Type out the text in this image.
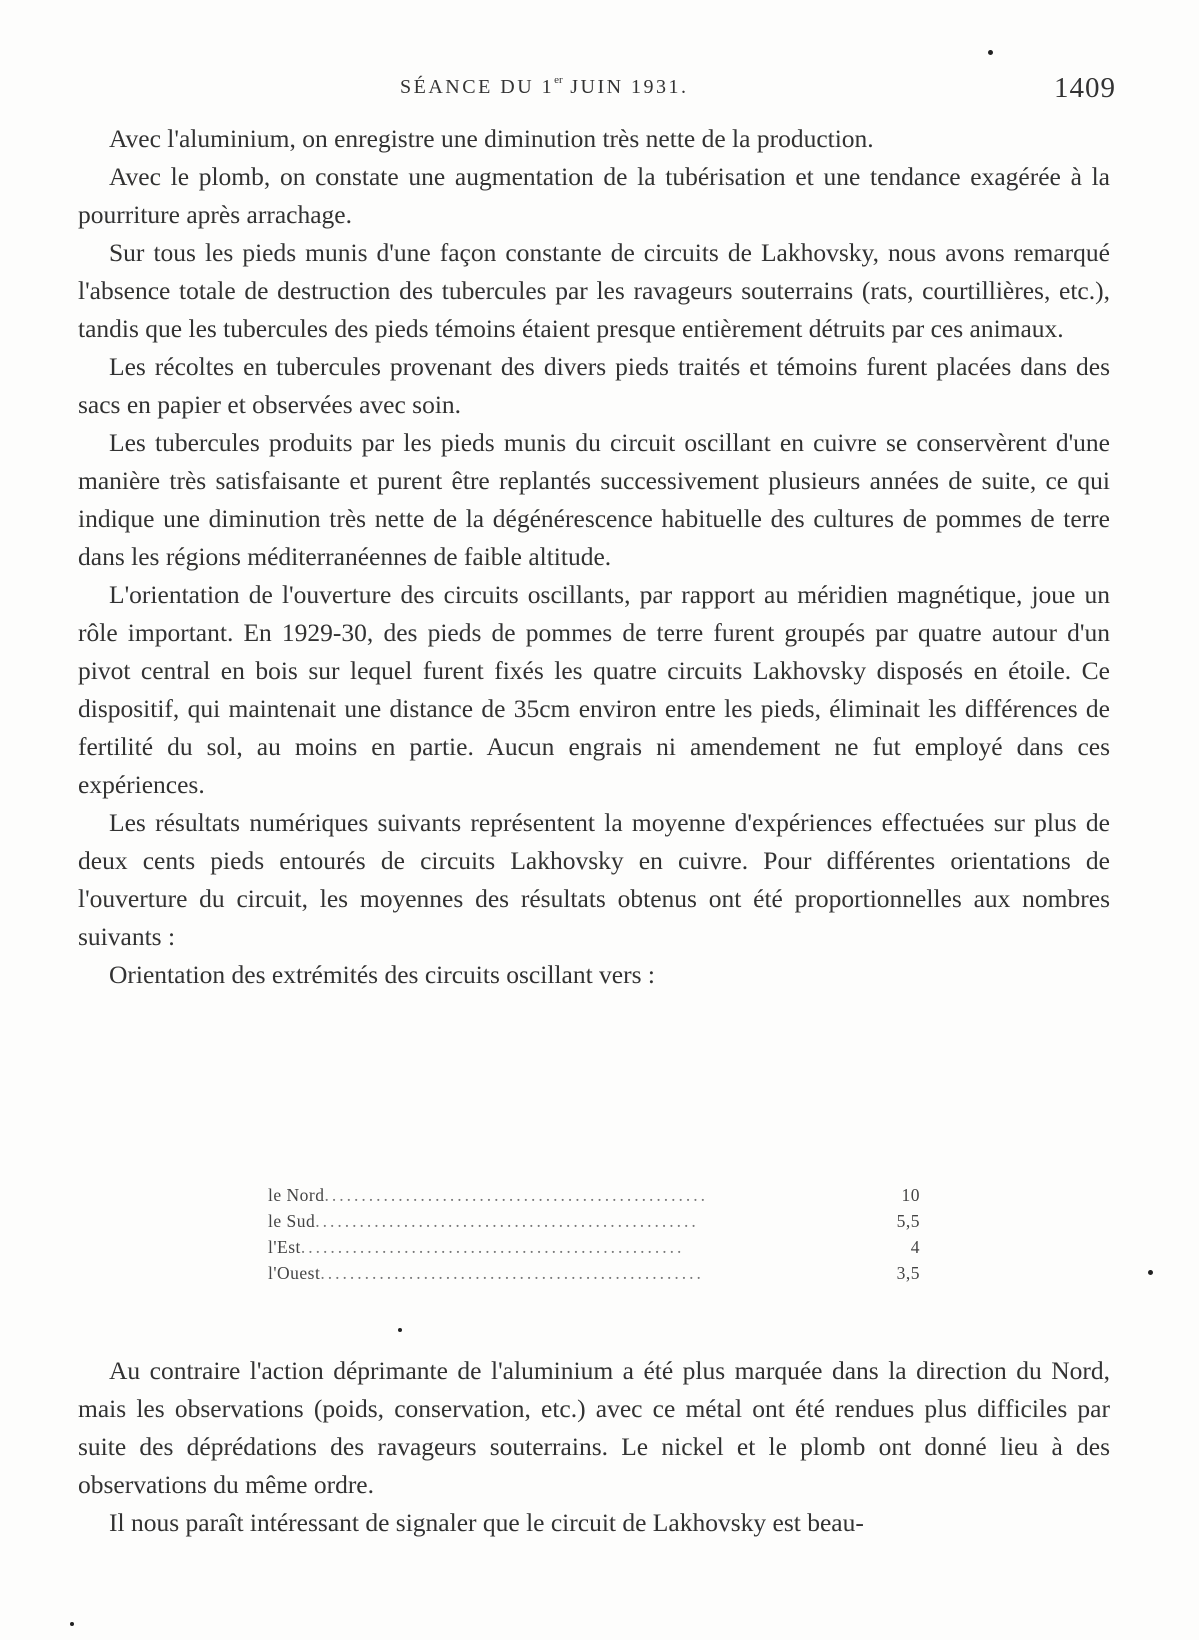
SÉANCE DU 1er JUIN 1931.	1409

Avec l'aluminium, on enregistre une diminution très nette de la production.

Avec le plomb, on constate une augmentation de la tubérisation et une tendance exagérée à la pourriture après arrachage.

Sur tous les pieds munis d'une façon constante de circuits de Lakhovsky, nous avons remarqué l'absence totale de destruction des tubercules par les ravageurs souterrains (rats, courtillières, etc.), tandis que les tubercules des pieds témoins étaient presque entièrement détruits par ces animaux.

Les récoltes en tubercules provenant des divers pieds traités et témoins furent placées dans des sacs en papier et observées avec soin.

Les tubercules produits par les pieds munis du circuit oscillant en cuivre se conservèrent d'une manière très satisfaisante et purent être replantés successivement plusieurs années de suite, ce qui indique une diminution très nette de la dégénérescence habituelle des cultures de pommes de terre dans les régions méditerranéennes de faible altitude.

L'orientation de l'ouverture des circuits oscillants, par rapport au méridien magnétique, joue un rôle important. En 1929-30, des pieds de pommes de terre furent groupés par quatre autour d'un pivot central en bois sur lequel furent fixés les quatre circuits Lakhovsky disposés en étoile. Ce dispositif, qui maintenait une distance de 35cm environ entre les pieds, éliminait les différences de fertilité du sol, au moins en partie. Aucun engrais ni amendement ne fut employé dans ces expériences.

Les résultats numériques suivants représentent la moyenne d'expériences effectuées sur plus de deux cents pieds entourés de circuits Lakhovsky en cuivre. Pour différentes orientations de l'ouverture du circuit, les moyennes des résultats obtenus ont été proportionnelles aux nombres suivants :

Orientation des extrémités des circuits oscillant vers :

le Nord ....................................................	10
le Sud ....................................................	5,5
l'Est ....................................................	4
l'Ouest ....................................................	3,5

Au contraire l'action déprimante de l'aluminium a été plus marquée dans la direction du Nord, mais les observations (poids, conservation, etc.) avec ce métal ont été rendues plus difficiles par suite des déprédations des ravageurs souterrains. Le nickel et le plomb ont donné lieu à des observations du même ordre.

Il nous paraît intéressant de signaler que le circuit de Lakhovsky est beau-
